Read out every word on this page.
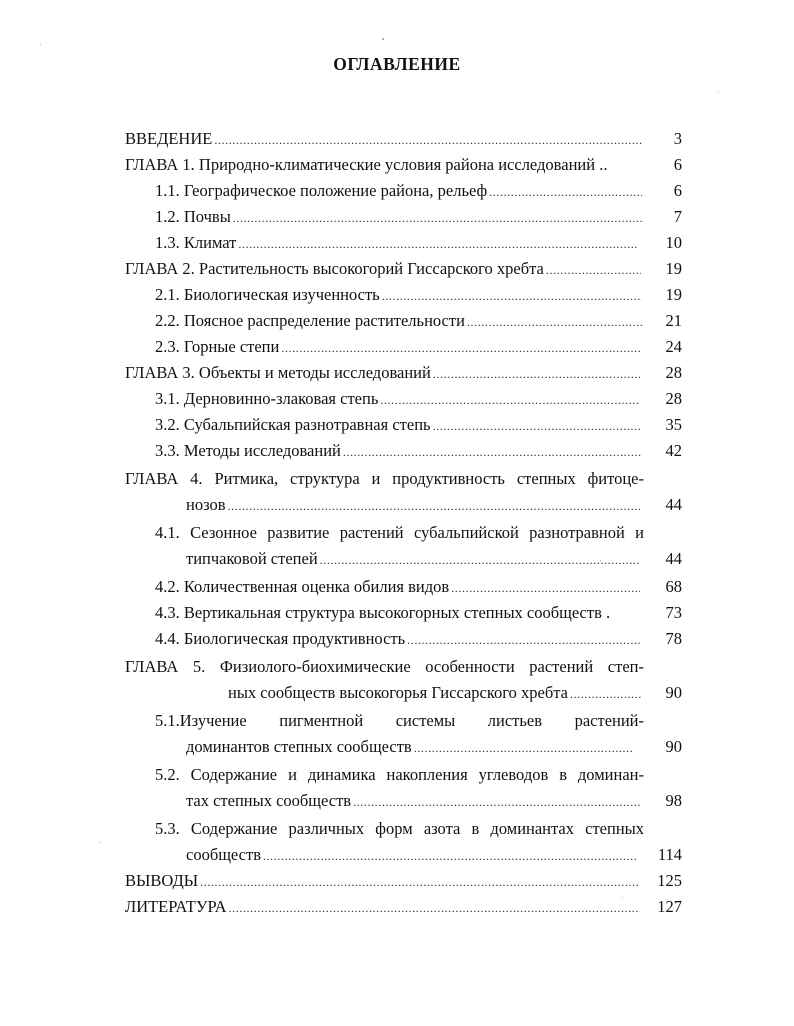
ОГЛАВЛЕНИЕ
ВВЕДЕНИЕ .....	3
ГЛАВА 1. Природно-климатические условия района исследований ..	6
1.1. Географическое положение района, рельеф .....	6
1.2. Почвы .....	7
1.3. Климат .....	10
ГЛАВА 2. Растительность высокогорий Гиссарского хребта .....	19
2.1. Биологическая изученность .....	19
2.2. Поясное распределение растительности .....	21
2.3. Горные степи .....	24
ГЛАВА 3. Объекты и методы исследований .....	28
3.1. Дерновинно-злаковая степь .....	28
3.2. Субальпийская разнотравная степь .....	35
3.3. Методы исследований .....	42
ГЛАВА 4. Ритмика, структура и продуктивность степных фитоце-
нозов .....	44
4.1. Сезонное развитие растений субальпийской разнотравной и
типчаковой степей .....	44
4.2. Количественная оценка обилия видов .....	68
4.3. Вертикальная структура высокогорных степных сообществ .	73
4.4. Биологическая продуктивность .....	78
ГЛАВА 5. Физиолого-биохимические особенности растений степ-
ных сообществ высокогорья Гиссарского хребта .....	90
5.1.Изучение пигментной системы листьев растений-
доминантов степных сообществ .....	90
5.2. Содержание и динамика накопления углеводов в доминан-
тах степных сообществ .....	98
5.3. Содержание различных форм азота в доминантах степных
сообществ .....	114
ВЫВОДЫ .....	125
ЛИТЕРАТУРА .....	127
